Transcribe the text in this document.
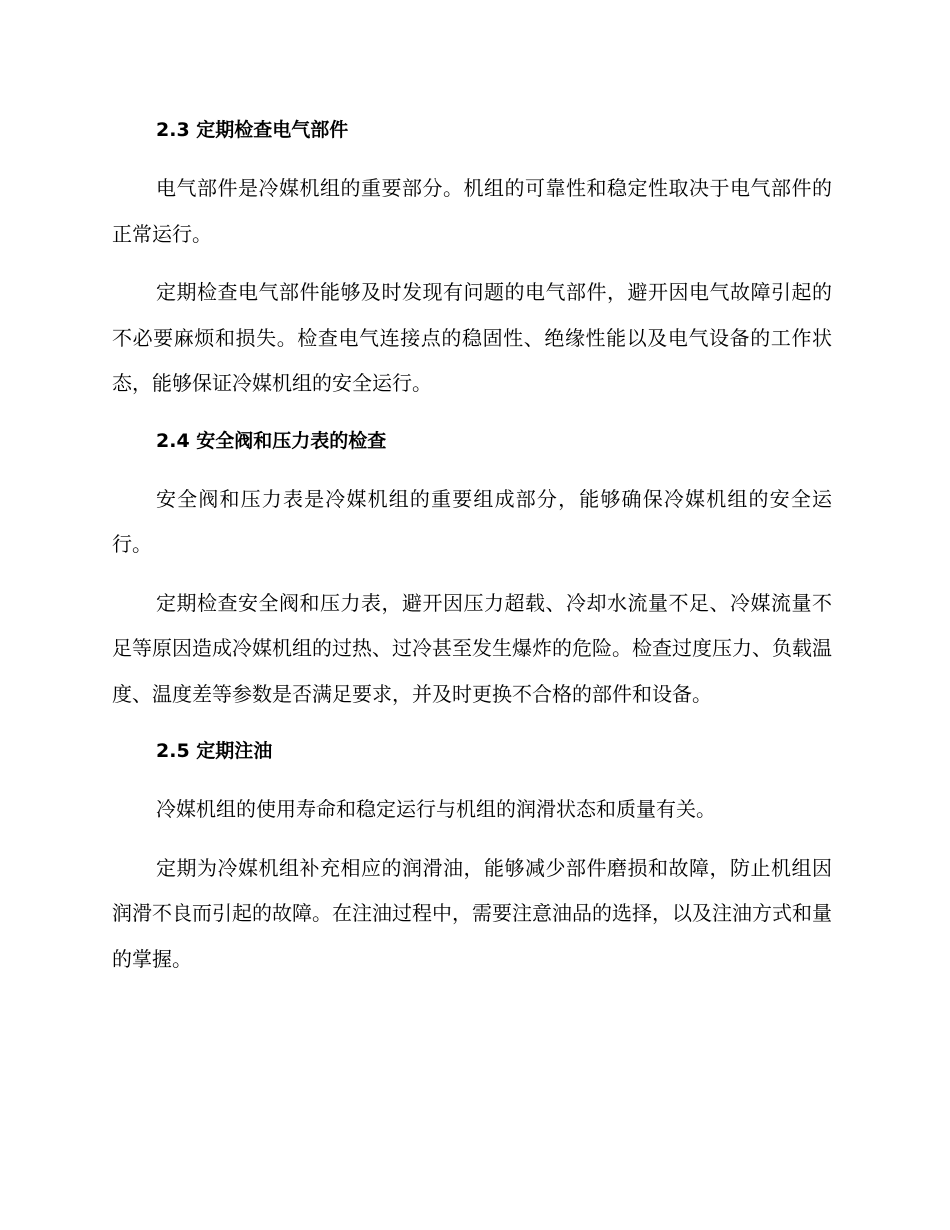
2.3 定期检查电气部件

电气部件是冷媒机组的重要部分。机组的可靠性和稳定性取决于电气部件的正常运行。

定期检查电气部件能够及时发现有问题的电气部件，避开因电气故障引起的不必要麻烦和损失。检查电气连接点的稳固性、绝缘性能以及电气设备的工作状态，能够保证冷媒机组的安全运行。

2.4 安全阀和压力表的检查

安全阀和压力表是冷媒机组的重要组成部分，能够确保冷媒机组的安全运行。

定期检查安全阀和压力表，避开因压力超载、冷却水流量不足、冷媒流量不足等原因造成冷媒机组的过热、过冷甚至发生爆炸的危险。检查过度压力、负载温度、温度差等参数是否满足要求，并及时更换不合格的部件和设备。

2.5 定期注油

冷媒机组的使用寿命和稳定运行与机组的润滑状态和质量有关。

定期为冷媒机组补充相应的润滑油，能够减少部件磨损和故障，防止机组因润滑不良而引起的故障。在注油过程中，需要注意油品的选择，以及注油方式和量的掌握。
